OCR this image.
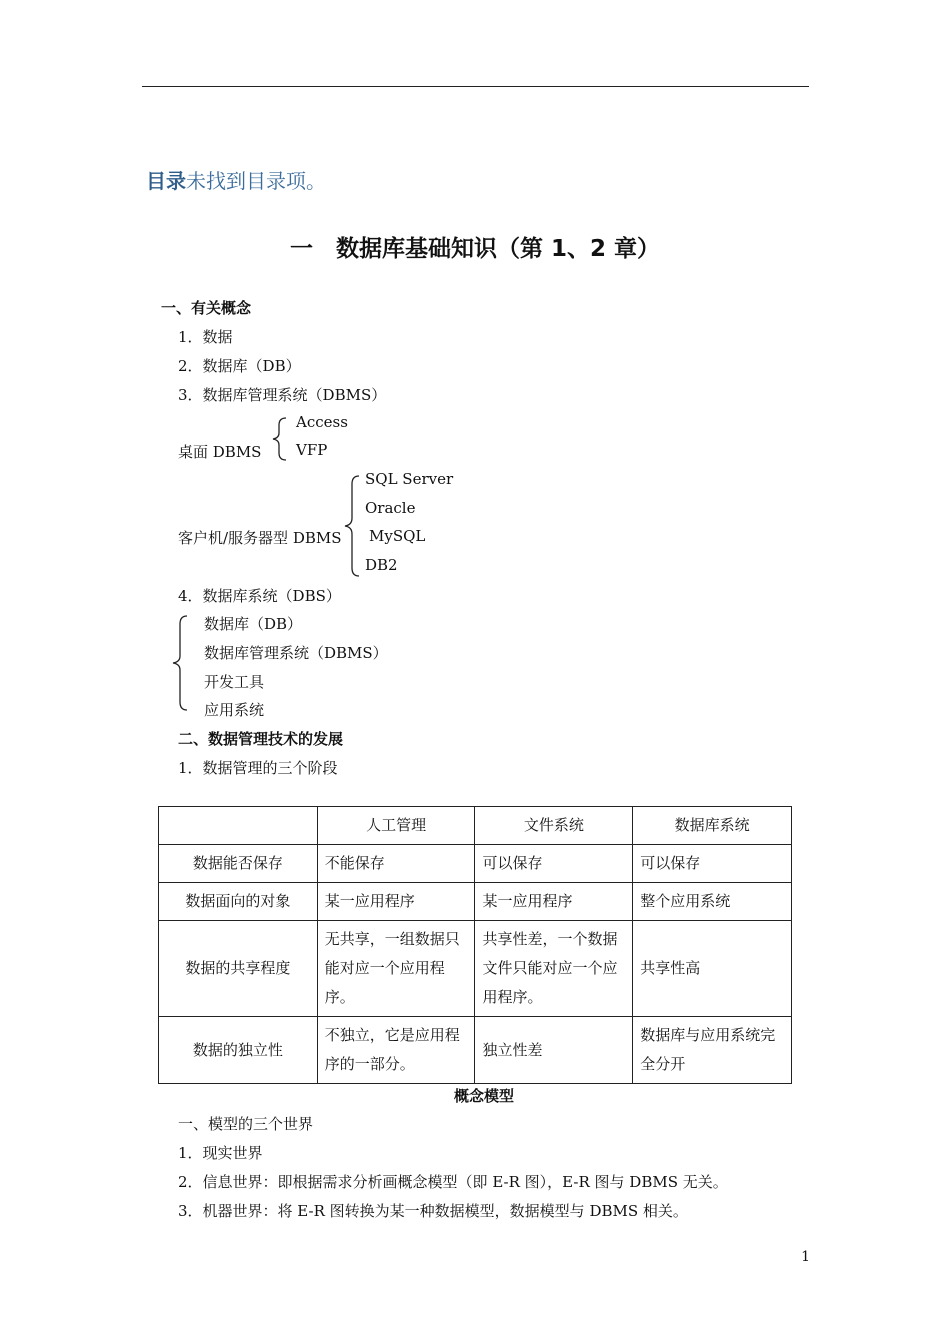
目录未找到目录项。
一　数据库基础知识（第 1、2 章）
一、有关概念
1．数据
2．数据库（DB）
3．数据库管理系统（DBMS）
桌面 DBMS
Access
VFP
客户机/服务器型 DBMS
SQL Server
Oracle
MySQL
DB2
4．数据库系统（DBS）
数据库（DB）
数据库管理系统（DBMS）
开发工具
应用系统
二、数据管理技术的发展
1．数据管理的三个阶段
	人工管理	文件系统	数据库系统
数据能否保存	不能保存	可以保存	可以保存
数据面向的对象	某一应用程序	某一应用程序	整个应用系统
数据的共享程度	无共享，一组数据只能对应一个应用程序。	共享性差，一个数据文件只能对应一个应用程序。	共享性高
数据的独立性	不独立，它是应用程序的一部分。	独立性差	数据库与应用系统完全分开
概念模型
一、模型的三个世界
1．现实世界
2．信息世界：即根据需求分析画概念模型（即 E-R 图），E-R 图与 DBMS 无关。
3．机器世界：将 E-R 图转换为某一种数据模型，数据模型与 DBMS 相关。
1
